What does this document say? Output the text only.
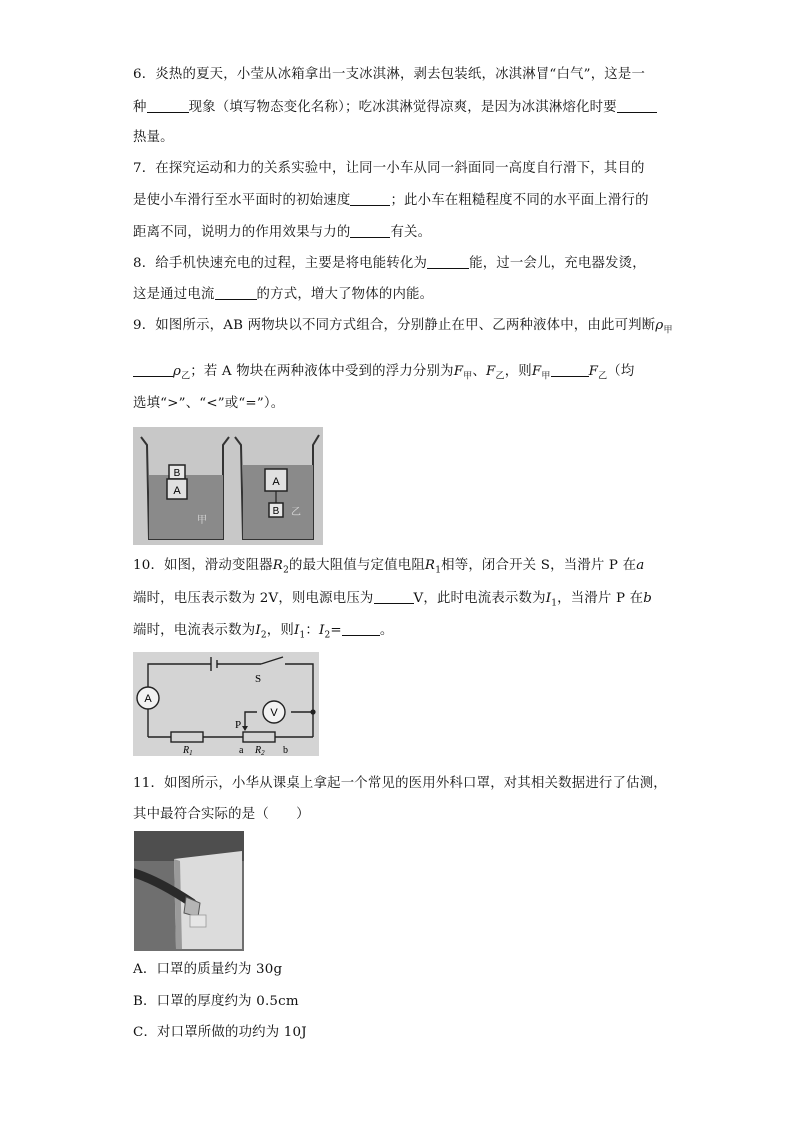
6．炎热的夏天，小莹从冰箱拿出一支冰淇淋，剥去包装纸，冰淇淋冒“白气”，这是一
种	现象（填写物态变化名称）；吃冰淇淋觉得凉爽，是因为冰淇淋熔化时要
热量。
7．在探究运动和力的关系实验中，让同一小车从同一斜面同一高度自行滑下，其目的
是使小车滑行至水平面时的初始速度	；此小车在粗糙程度不同的水平面上滑行的
距离不同，说明力的作用效果与力的	有关。
8．给手机快速充电的过程，主要是将电能转化为	能，过一会儿，充电器发烫，
这是通过电流	的方式，增大了物体的内能。
9．如图所示，AB 两物块以不同方式组合，分别静止在甲、乙两种液体中，由此可判断$\rho_甲$
$\rho_乙$；若 A 物块在两种液体中受到的浮力分别为$F_甲$、$F_乙$，则$F_甲$	$F_乙$（均
选填“>”、“<”或“=”）。
B
A
甲
A
B 乙
10．如图，滑动变阻器$R_2$的最大阻值与定值电阻$R_1$相等，闭合开关 S，当滑片 P 在a
端时，电压表示数为 2V，则电源电压为	V，此时电流表示数为$I_1$，当滑片 P 在b
端时，电流表示数为$I_2$，则$I_1$：$I_2=$	。
A
V
S
P
$R_1$	a $R_2$ b
11．如图所示，小华从课桌上拿起一个常见的医用外科口罩，对其相关数据进行了估测，
其中最符合实际的是（　　）
A．口罩的质量约为 30g
B．口罩的厚度约为 0.5cm
C．对口罩所做的功约为 10J
